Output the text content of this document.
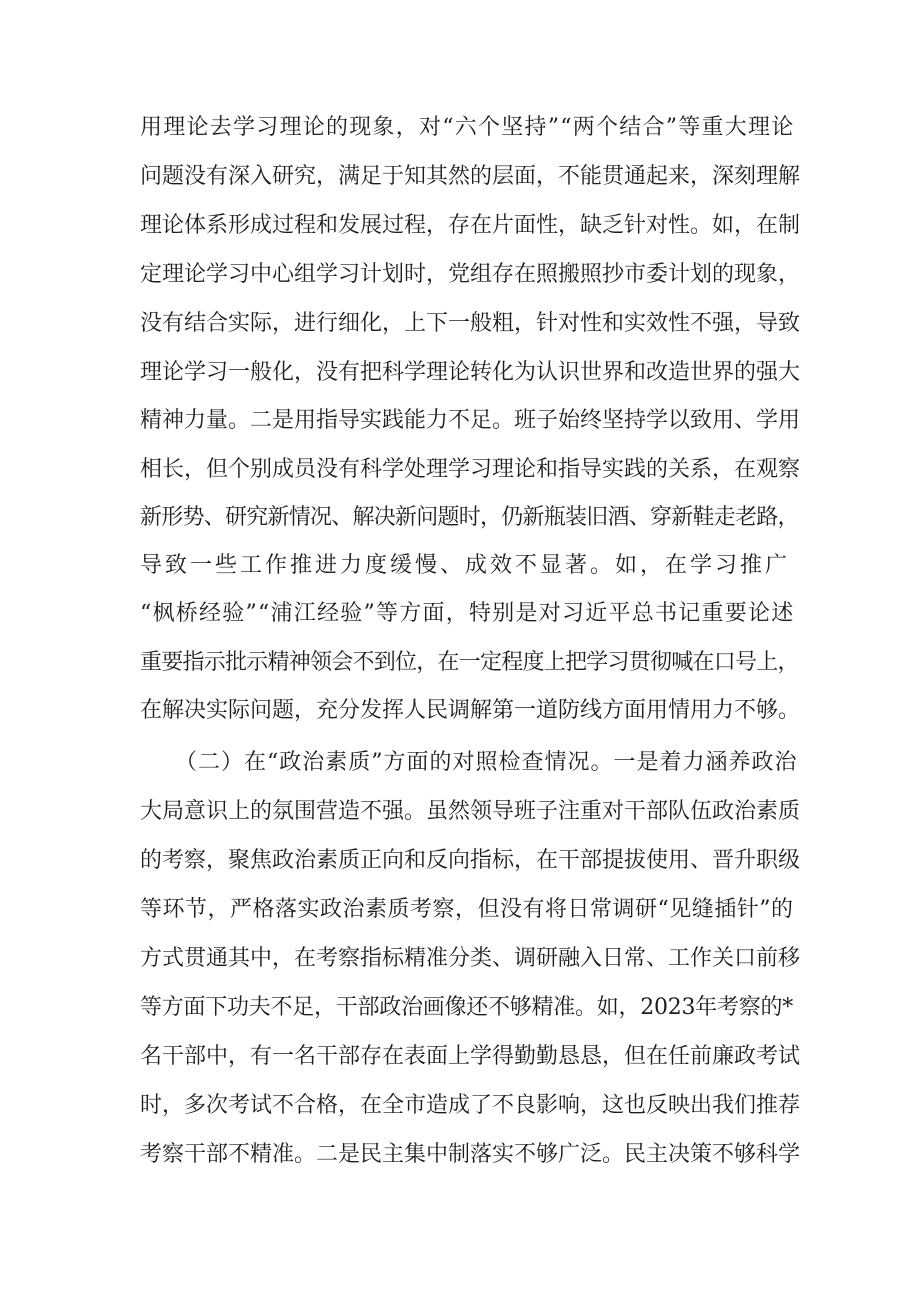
用理论去学习理论的现象，对“六个坚持”“两个结合”等重大理论
问题没有深入研究，满足于知其然的层面，不能贯通起来，深刻理解
理论体系形成过程和发展过程，存在片面性，缺乏针对性。如，在制
定理论学习中心组学习计划时，党组存在照搬照抄市委计划的现象，
没有结合实际，进行细化，上下一般粗，针对性和实效性不强，导致
理论学习一般化，没有把科学理论转化为认识世界和改造世界的强大
精神力量。二是用指导实践能力不足。班子始终坚持学以致用、学用
相长，但个别成员没有科学处理学习理论和指导实践的关系，在观察
新形势、研究新情况、解决新问题时，仍新瓶装旧酒、穿新鞋走老路，
导致一些工作推进力度缓慢、成效不显著。如，在学习推广
“枫桥经验”“浦江经验”等方面，特别是对习近平总书记重要论述
重要指示批示精神领会不到位，在一定程度上把学习贯彻喊在口号上，
在解决实际问题，充分发挥人民调解第一道防线方面用情用力不够。
（二）在“政治素质”方面的对照检查情况。一是着力涵养政治
大局意识上的氛围营造不强。虽然领导班子注重对干部队伍政治素质
的考察，聚焦政治素质正向和反向指标，在干部提拔使用、晋升职级
等环节，严格落实政治素质考察，但没有将日常调研“见缝插针”的
方式贯通其中，在考察指标精准分类、调研融入日常、工作关口前移
等方面下功夫不足，干部政治画像还不够精准。如，2023年考察的*
名干部中，有一名干部存在表面上学得勤勤恳恳，但在任前廉政考试
时，多次考试不合格，在全市造成了不良影响，这也反映出我们推荐
考察干部不精准。二是民主集中制落实不够广泛。民主决策不够科学
